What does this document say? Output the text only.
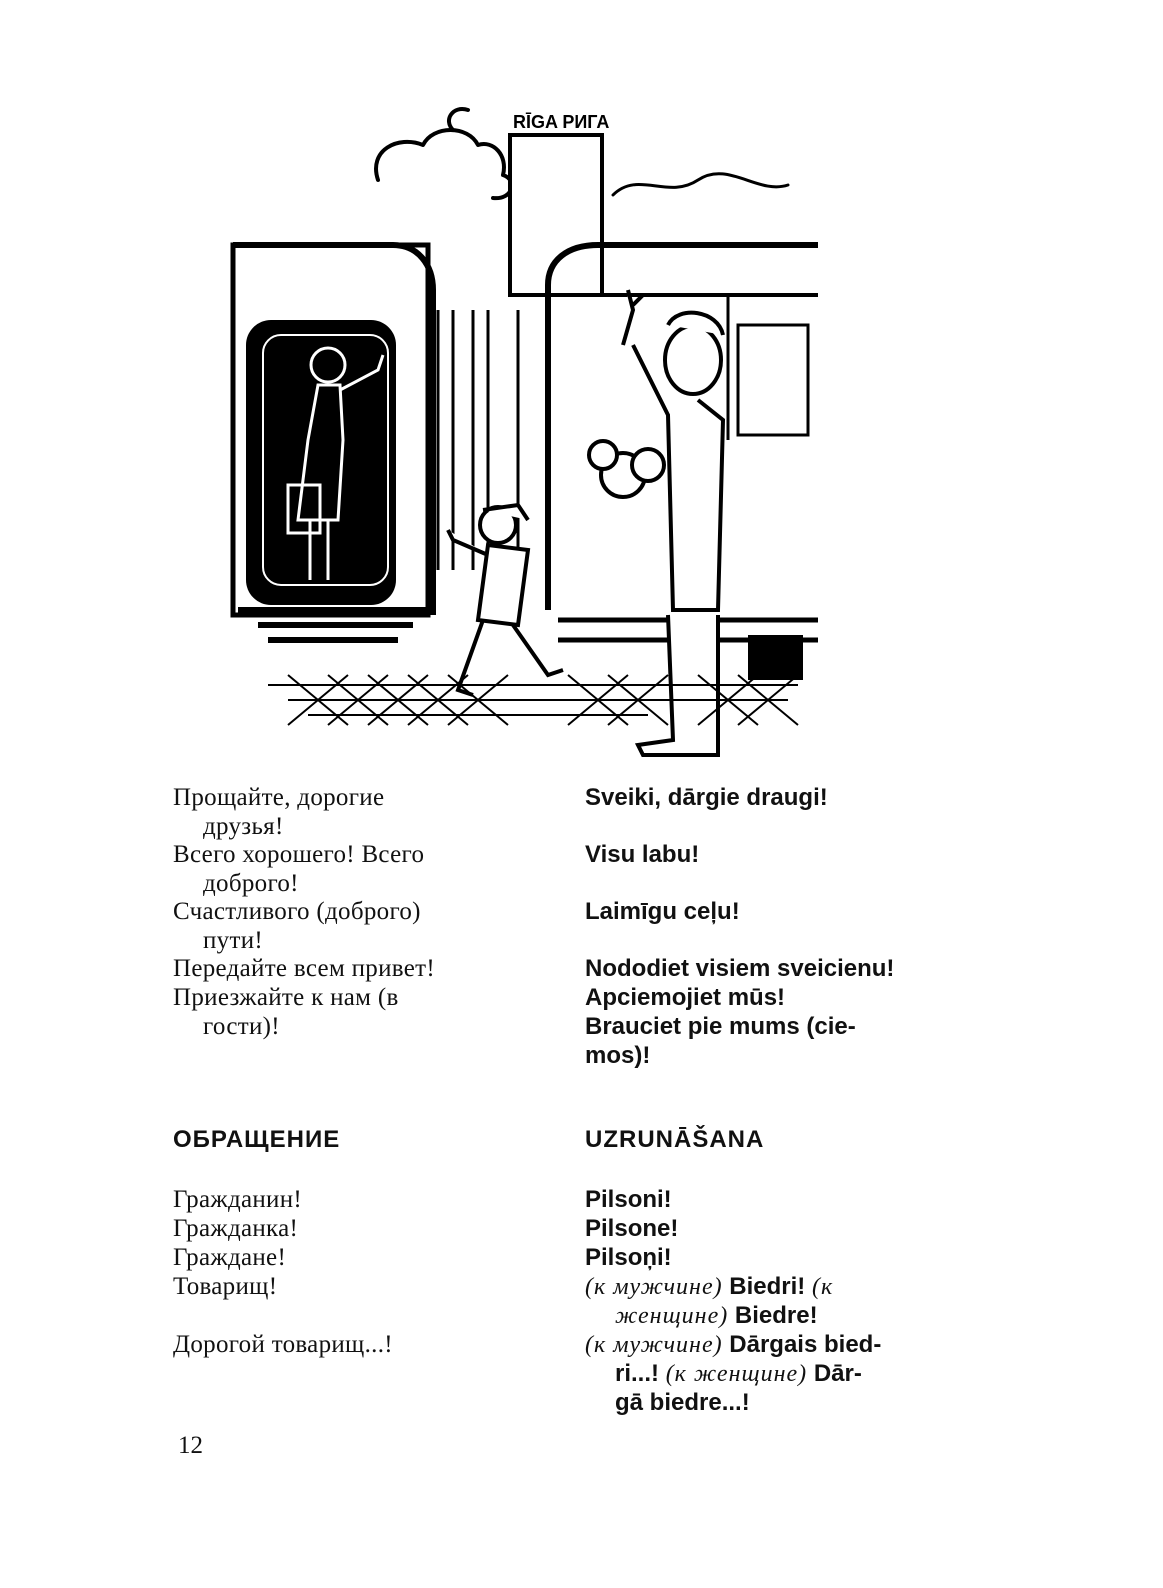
RĪGA РИГА
Прощайте, дорогие
друзья!
Всего хорошего! Всего
доброго!
Счастливого (доброго)
пути!
Передайте всем привет!
Приезжайте к нам (в
гости)!
Sveiki, dārgie draugi!
Visu labu!
Laimīgu ceļu!
Nododiet visiem sveicienu!
Apciemojiet mūs!
Brauciet pie mums (cie-
mos)!
ОБРАЩЕНИЕ	UZRUNĀŠANA
Гражданин!
Гражданка!
Граждане!
Товарищ!
Дорогой товарищ...!
Pilsoni!
Pilsone!
Pilsoņi!
(к мужчине) Biedri! (к
женщине) Biedre!
(к мужчине) Dārgais bied-
ri...! (к женщине) Dār-
gā biedre...!
12
